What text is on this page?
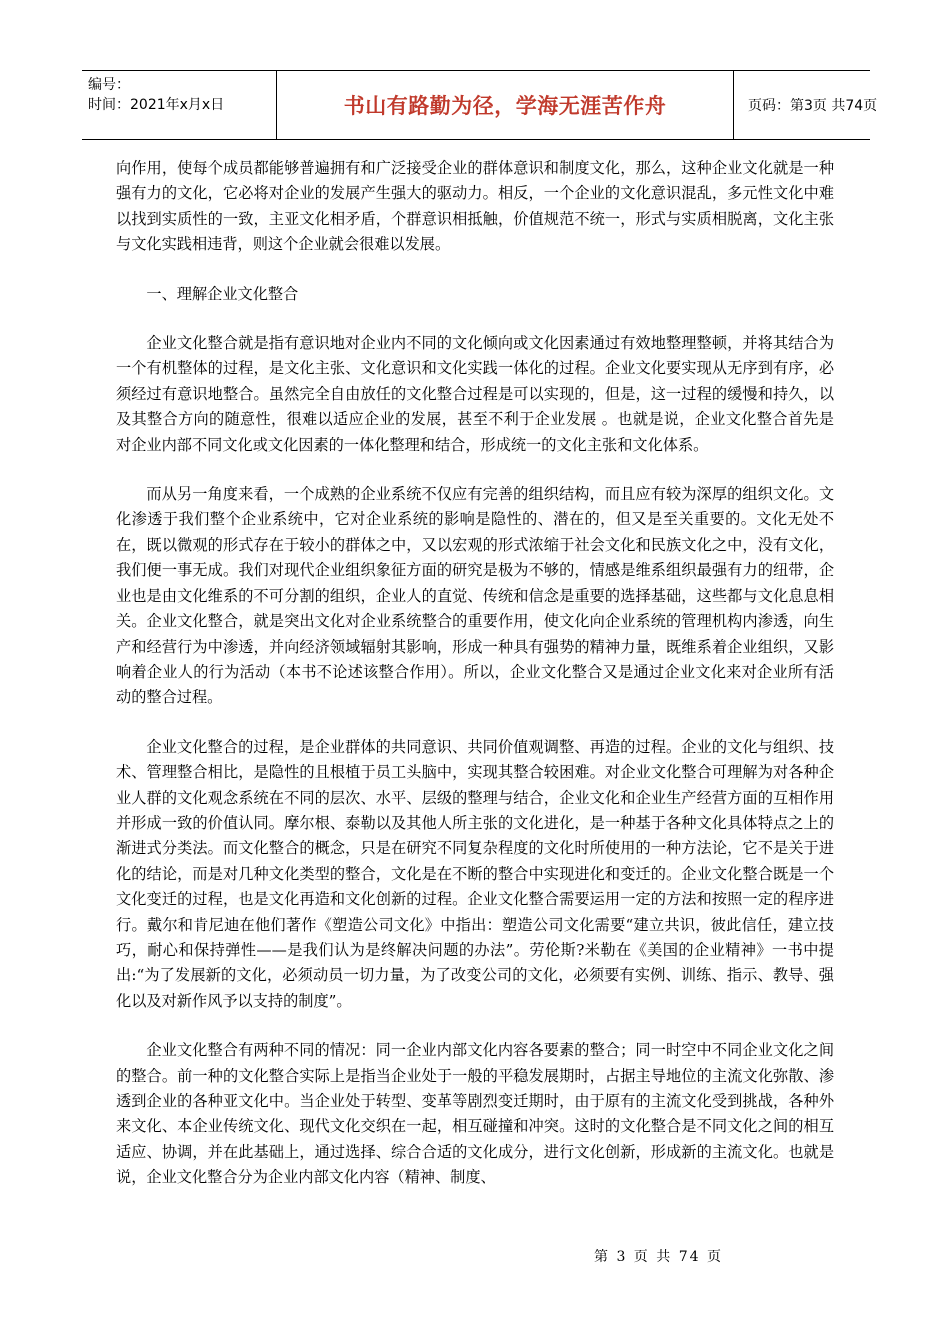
编号：
时间：2021年x月x日	书山有路勤为径，学海无涯苦作舟	页码：第3页 共74页

向作用，使每个成员都能够普遍拥有和广泛接受企业的群体意识和制度文化，那么，这种企业文化就是一种强有力的文化，它必将对企业的发展产生强大的驱动力。相反，一个企业的文化意识混乱，多元性文化中难以找到实质性的一致，主亚文化相矛盾，个群意识相抵触，价值规范不统一，形式与实质相脱离，文化主张与文化实践相违背，则这个企业就会很难以发展。

一、理解企业文化整合

企业文化整合就是指有意识地对企业内不同的文化倾向或文化因素通过有效地整理整顿，并将其结合为一个有机整体的过程，是文化主张、文化意识和文化实践一体化的过程。企业文化要实现从无序到有序，必须经过有意识地整合。虽然完全自由放任的文化整合过程是可以实现的，但是，这一过程的缓慢和持久，以及其整合方向的随意性，很难以适应企业的发展，甚至不利于企业发展 。也就是说，企业文化整合首先是对企业内部不同文化或文化因素的一体化整理和结合，形成统一的文化主张和文化体系。

而从另一角度来看，一个成熟的企业系统不仅应有完善的组织结构，而且应有较为深厚的组织文化。文化渗透于我们整个企业系统中，它对企业系统的影响是隐性的、潜在的，但又是至关重要的。文化无处不在，既以微观的形式存在于较小的群体之中，又以宏观的形式浓缩于社会文化和民族文化之中，没有文化，我们便一事无成。我们对现代企业组织象征方面的研究是极为不够的，情感是维系组织最强有力的纽带，企业也是由文化维系的不可分割的组织，企业人的直觉、传统和信念是重要的选择基础，这些都与文化息息相关。企业文化整合，就是突出文化对企业系统整合的重要作用，使文化向企业系统的管理机构内渗透，向生产和经营行为中渗透，并向经济领域辐射其影响，形成一种具有强势的精神力量，既维系着企业组织，又影响着企业人的行为活动（本书不论述该整合作用）。所以，企业文化整合又是通过企业文化来对企业所有活动的整合过程。

企业文化整合的过程，是企业群体的共同意识、共同价值观调整、再造的过程。企业的文化与组织、技术、管理整合相比，是隐性的且根植于员工头脑中，实现其整合较困难。对企业文化整合可理解为对各种企业人群的文化观念系统在不同的层次、水平、层级的整理与结合，企业文化和企业生产经营方面的互相作用并形成一致的价值认同。摩尔根、泰勒以及其他人所主张的文化进化，是一种基于各种文化具体特点之上的渐进式分类法。而文化整合的概念，只是在研究不同复杂程度的文化时所使用的一种方法论，它不是关于进化的结论，而是对几种文化类型的整合，文化是在不断的整合中实现进化和变迁的。企业文化整合既是一个文化变迁的过程，也是文化再造和文化创新的过程。企业文化整合需要运用一定的方法和按照一定的程序进行。戴尔和肯尼迪在他们著作《塑造公司文化》中指出：塑造公司文化需要“建立共识，彼此信任，建立技巧，耐心和保持弹性——是我们认为是终解决问题的办法”。劳伦斯?米勒在《美国的企业精神》一书中提出:“为了发展新的文化，必须动员一切力量，为了改变公司的文化，必须要有实例、训练、指示、教导、强化以及对新作风予以支持的制度”。

企业文化整合有两种不同的情况：同一企业内部文化内容各要素的整合；同一时空中不同企业文化之间的整合。前一种的文化整合实际上是指当企业处于一般的平稳发展期时，占据主导地位的主流文化弥散、渗透到企业的各种亚文化中。当企业处于转型、变革等剧烈变迁期时，由于原有的主流文化受到挑战，各种外来文化、本企业传统文化、现代文化交织在一起，相互碰撞和冲突。这时的文化整合是不同文化之间的相互适应、协调，并在此基础上，通过选择、综合合适的文化成分，进行文化创新，形成新的主流文化。也就是说，企业文化整合分为企业内部文化内容（精神、制度、

第 3 页 共 74 页
